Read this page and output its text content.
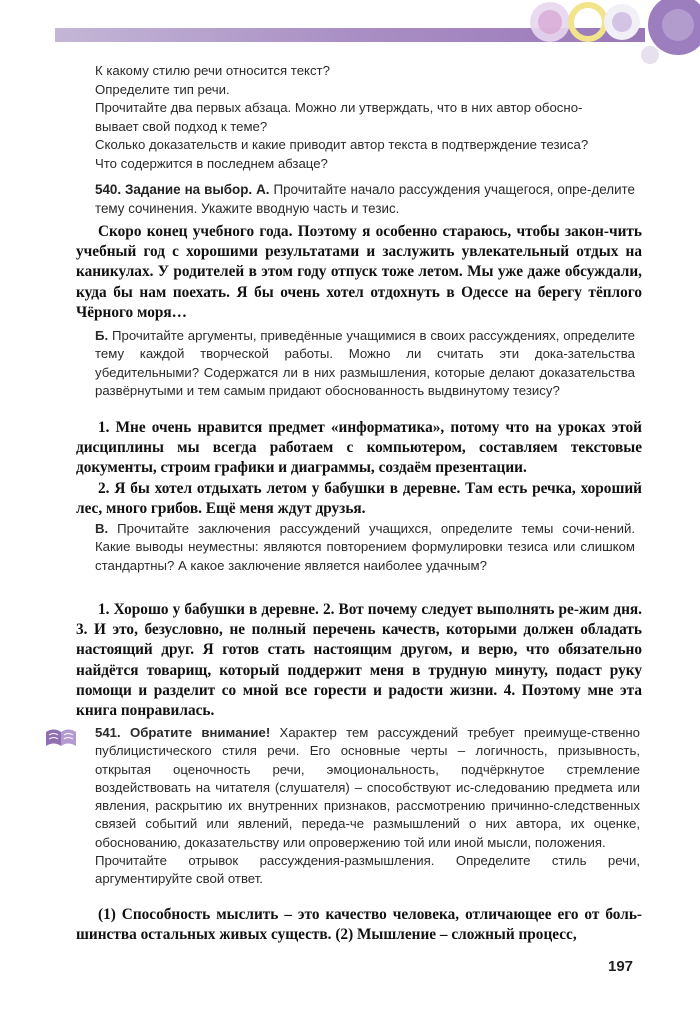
К какому стилю речи относится текст?
Определите тип речи.
Прочитайте два первых абзаца. Можно ли утверждать, что в них автор обосно-
вывает свой подход к теме?
Сколько доказательств и какие приводит автор текста в подтверждение тезиса?
Что содержится в последнем абзаце?
540. Задание на выбор. А. Прочитайте начало рассуждения учащегося, опре-делите тему сочинения. Укажите вводную часть и тезис.

Скоро конец учебного года. Поэтому я особенно стараюсь, чтобы закон-чить учебный год с хорошими результатами и заслужить увлекательный отдых на каникулах. У родителей в этом году отпуск тоже летом. Мы уже даже обсуждали, куда бы нам поехать. Я бы очень хотел отдохнуть в Одессе на берегу тёплого Чёрного моря…

Б. Прочитайте аргументы, приведённые учащимися в своих рассуждениях, определите тему каждой творческой работы. Можно ли считать эти дока-зательства убедительными? Содержатся ли в них размышления, которые делают доказательства развёрнутыми и тем самым придают обоснованность выдвинутому тезису?

1. Мне очень нравится предмет «информатика», потому что на уроках этой дисциплины мы всегда работаем с компьютером, составляем текстовые документы, строим графики и диаграммы, создаём презентации.

2. Я бы хотел отдыхать летом у бабушки в деревне. Там есть речка, хороший лес, много грибов. Ещё меня ждут друзья.

В. Прочитайте заключения рассуждений учащихся, определите темы сочи-нений. Какие выводы неуместны: являются повторением формулировки тезиса или слишком стандартны? А какое заключение является наиболее удачным?

1. Хорошо у бабушки в деревне. 2. Вот почему следует выполнять ре-жим дня. 3. И это, безусловно, не полный перечень качеств, которыми должен обладать настоящий друг. Я готов стать настоящим другом, и верю, что обязательно найдётся товарищ, который поддержит меня в трудную минуту, подаст руку помощи и разделит со мной все горести и радости жизни. 4. Поэтому мне эта книга понравилась.

541. Обратите внимание! Характер тем рассуждений требует преимуще-ственно публицистического стиля речи. Его основные черты – логичность, призывность, открытая оценочность речи, эмоциональность, подчёркнутое стремление воздействовать на читателя (слушателя) – способствуют ис-следованию предмета или явления, раскрытию их внутренних признаков, рассмотрению причинно-следственных связей событий или явлений, переда-че размышлений о них автора, их оценке, обоснованию, доказательству или опровержению той или иной мысли, положения.
Прочитайте отрывок рассуждения-размышления. Определите стиль речи, аргументируйте свой ответ.

(1) Способность мыслить – это качество человека, отличающее его от боль-шинства остальных живых существ. (2) Мышление – сложный процесс,

197
